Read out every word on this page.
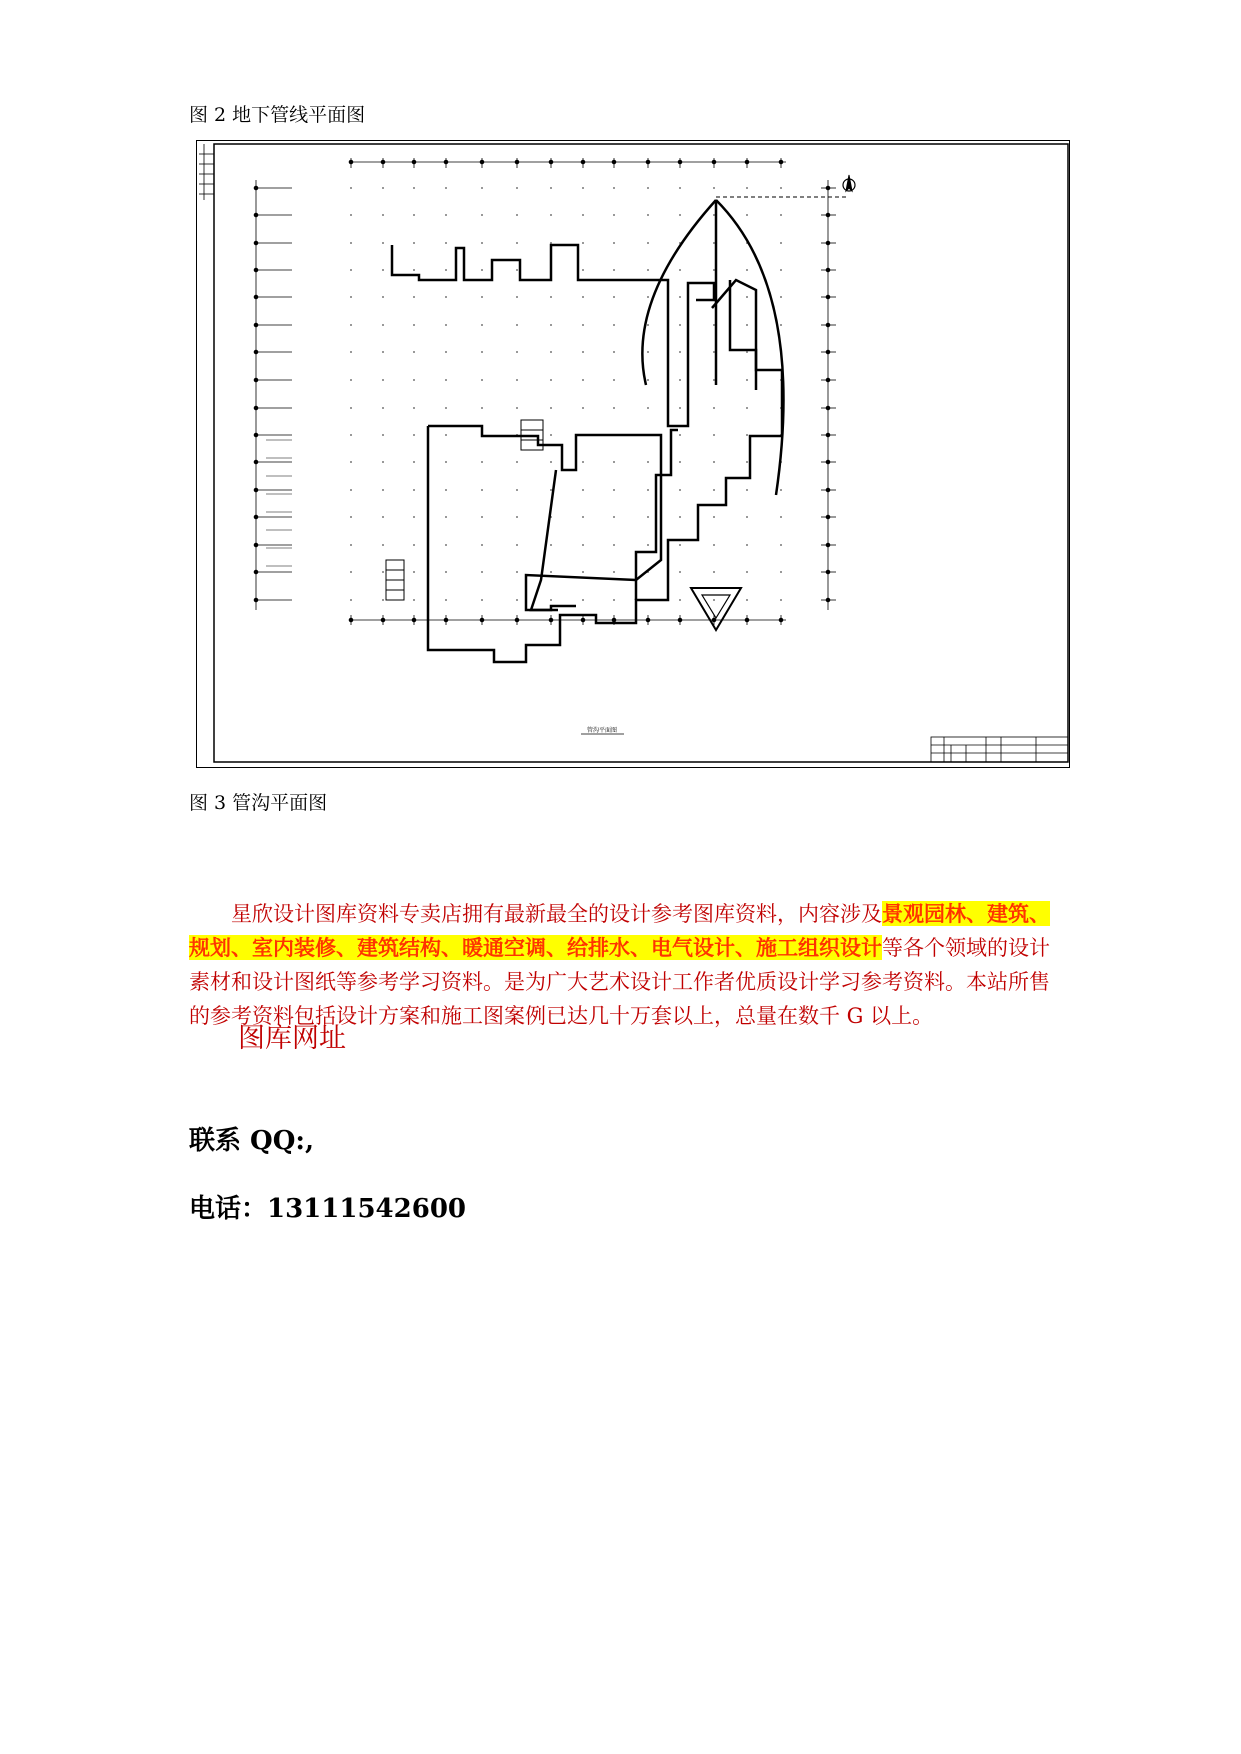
图 2 地下管线平面图
管沟平面图
图 3 管沟平面图

星欣设计图库资料专卖店拥有最新最全的设计参考图库资料，内容涉及景观园林、建筑、规划、室内装修、建筑结构、暖通空调、给排水、电气设计、施工组织设计等各个领域的设计素材和设计图纸等参考学习资料。是为广大艺术设计工作者优质设计学习参考资料。本站所售的参考资料包括设计方案和施工图案例已达几十万套以上，总量在数千 G 以上。

图库网址
联系 QQ:,
电话：13111542600
